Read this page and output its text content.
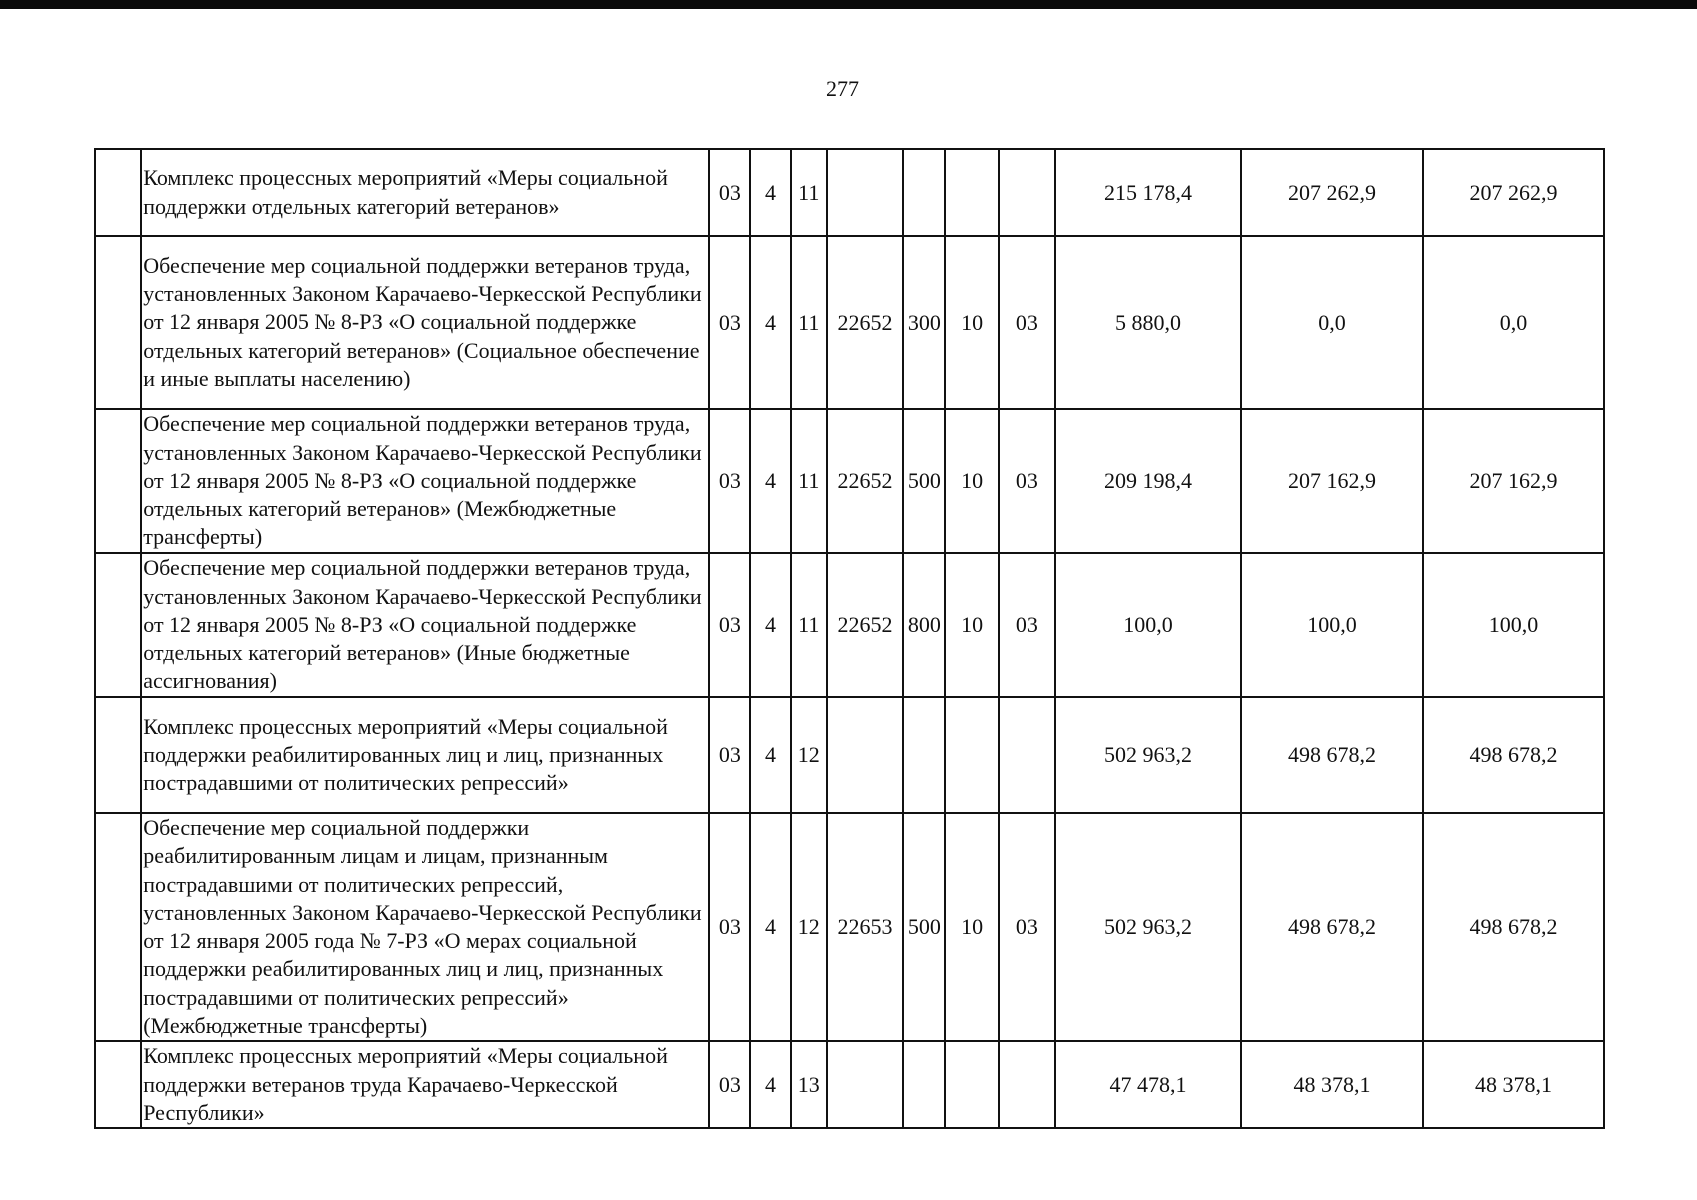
277
	Комплекс процессных мероприятий «Меры социальной поддержки отдельных категорий ветеранов»	03	4	11					215 178,4	207 262,9	207 262,9
	Обеспечение мер социальной поддержки ветеранов труда, установленных Законом Карачаево-Черкесской Республики от 12 января 2005 № 8-РЗ «О социальной поддержке отдельных категорий ветеранов» (Социальное обеспечение и иные выплаты населению)	03	4	11	22652	300	10	03	5 880,0	0,0	0,0
	Обеспечение мер социальной поддержки ветеранов труда, установленных Законом Карачаево-Черкесской Республики от 12 января 2005 № 8-РЗ «О социальной поддержке отдельных категорий ветеранов» (Межбюджетные трансферты)	03	4	11	22652	500	10	03	209 198,4	207 162,9	207 162,9
	Обеспечение мер социальной поддержки ветеранов труда, установленных Законом Карачаево-Черкесской Республики от 12 января 2005 № 8-РЗ «О социальной поддержке отдельных категорий ветеранов» (Иные бюджетные ассигнования)	03	4	11	22652	800	10	03	100,0	100,0	100,0
	Комплекс процессных мероприятий «Меры социальной поддержки реабилитированных лиц и лиц, признанных пострадавшими от политических репрессий»	03	4	12					502 963,2	498 678,2	498 678,2
	Обеспечение мер социальной поддержки реабилитированным лицам и лицам, признанным пострадавшими от политических репрессий, установленных Законом Карачаево-Черкесской Республики от 12 января 2005 года № 7-РЗ «О мерах социальной поддержки реабилитированных лиц и лиц, признанных пострадавшими от политических репрессий» (Межбюджетные трансферты)	03	4	12	22653	500	10	03	502 963,2	498 678,2	498 678,2
	Комплекс процессных мероприятий «Меры социальной поддержки ветеранов труда Карачаево-Черкесской Республики»	03	4	13					47 478,1	48 378,1	48 378,1
